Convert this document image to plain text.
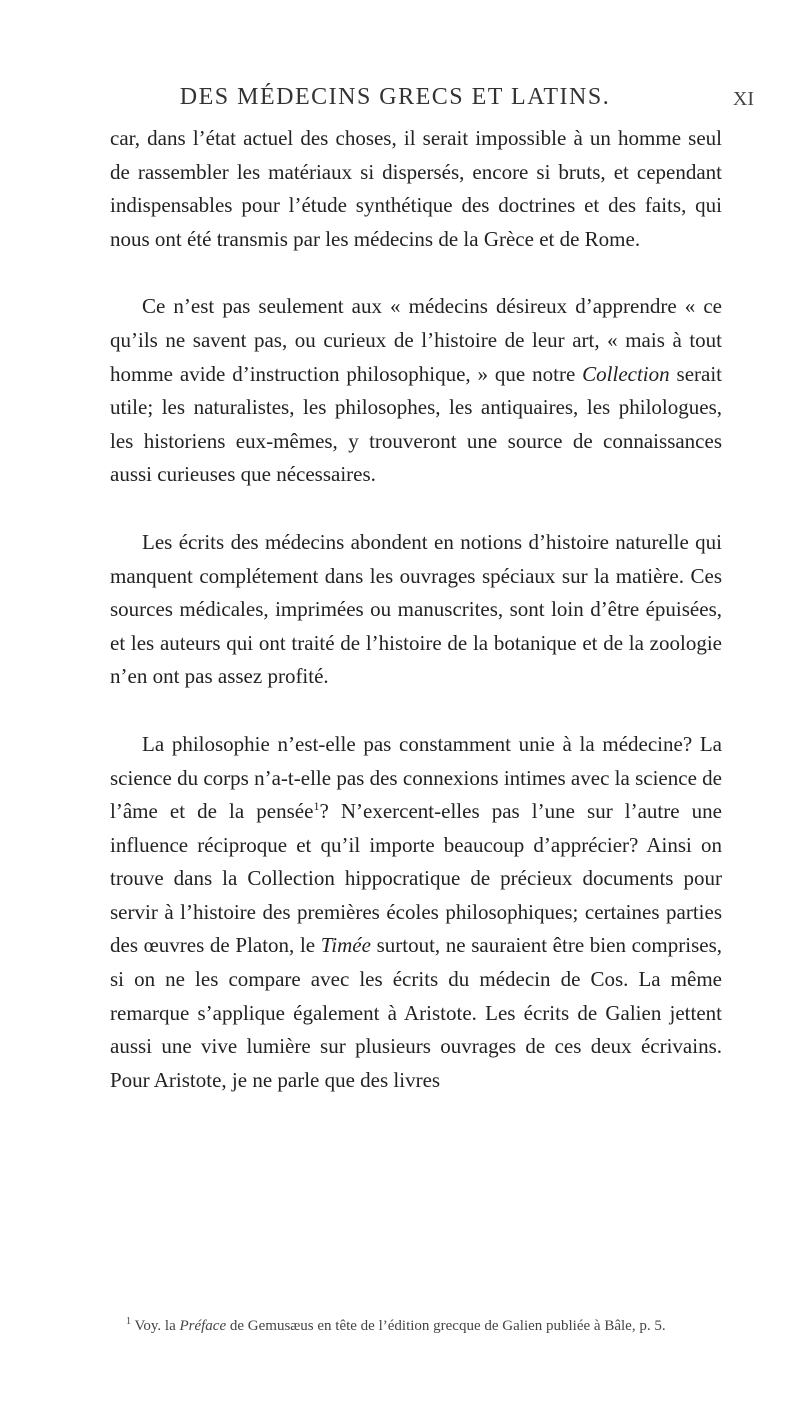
DES MÉDECINS GRECS ET LATINS.	XI

car, dans l’état actuel des choses, il serait impossible à un homme seul de rassembler les matériaux si dispersés, encore si bruts, et cependant indispensables pour l’étude synthétique des doctrines et des faits, qui nous ont été transmis par les médecins de la Grèce et de Rome.

Ce n’est pas seulement aux « médecins désireux d’apprendre « ce qu’ils ne savent pas, ou curieux de l’histoire de leur art, « mais à tout homme avide d’instruction philosophique, » que notre Collection serait utile; les naturalistes, les philosophes, les antiquaires, les philologues, les historiens eux-mêmes, y trouveront une source de connaissances aussi curieuses que nécessaires.

Les écrits des médecins abondent en notions d’histoire naturelle qui manquent complétement dans les ouvrages spéciaux sur la matière. Ces sources médicales, imprimées ou manuscrites, sont loin d’être épuisées, et les auteurs qui ont traité de l’histoire de la botanique et de la zoologie n’en ont pas assez profité.

La philosophie n’est-elle pas constamment unie à la médecine? La science du corps n’a-t-elle pas des connexions intimes avec la science de l’âme et de la pensée$^1$? N’exercent-elles pas l’une sur l’autre une influence réciproque et qu’il importe beaucoup d’apprécier? Ainsi on trouve dans la Collection hippocratique de précieux documents pour servir à l’histoire des premières écoles philosophiques; certaines parties des œuvres de Platon, le Timée surtout, ne sauraient être bien comprises, si on ne les compare avec les écrits du médecin de Cos. La même remarque s’applique également à Aristote. Les écrits de Galien jettent aussi une vive lumière sur plusieurs ouvrages de ces deux écrivains. Pour Aristote, je ne parle que des livres

$^1$ Voy. la Préface de Gemusæus en tête de l’édition grecque de Galien publiée à Bâle, p. 5.
